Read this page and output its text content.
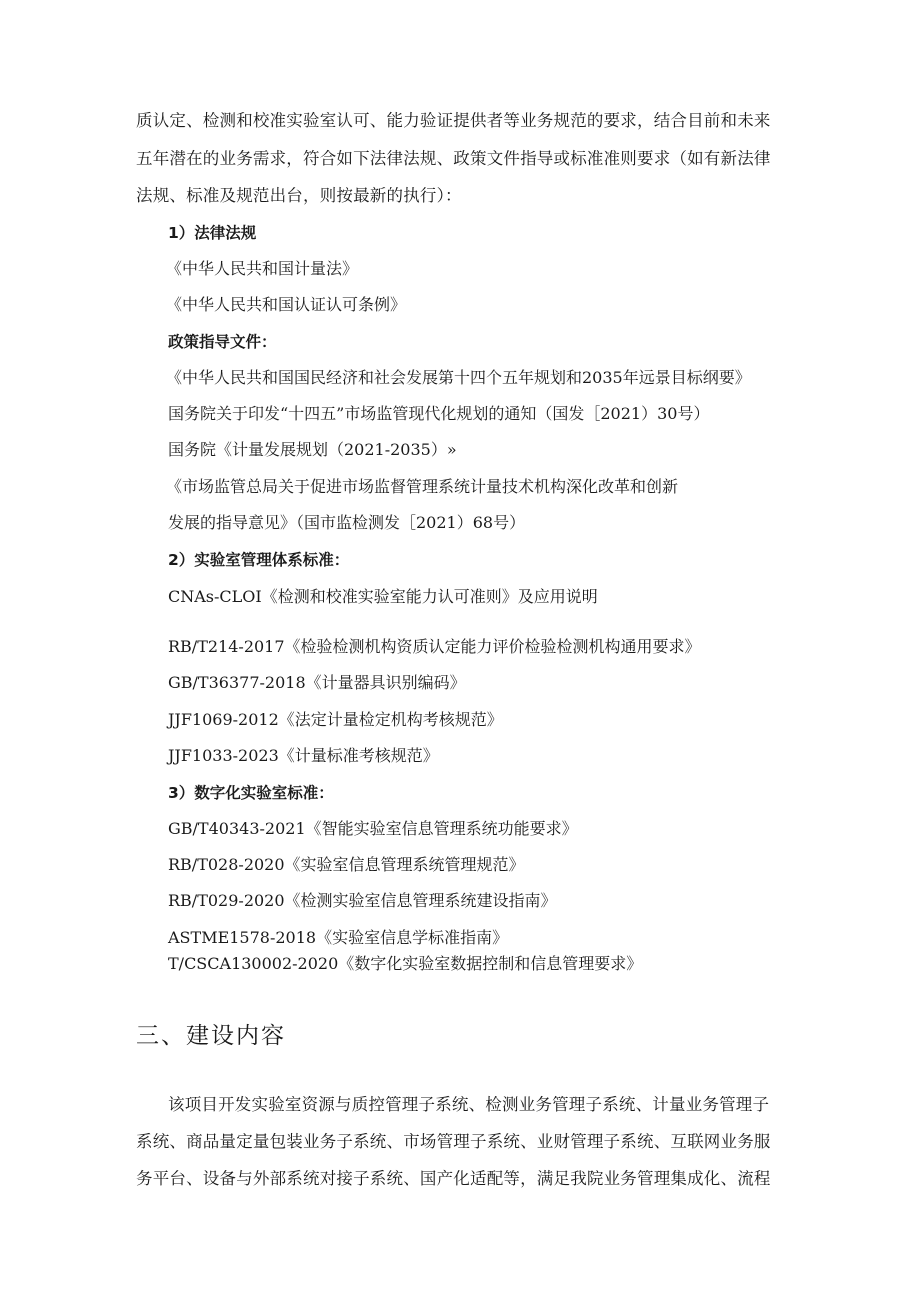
质认定、检测和校准实验室认可、能力验证提供者等业务规范的要求，结合目前和未来
五年潜在的业务需求，符合如下法律法规、政策文件指导或标准准则要求（如有新法律
法规、标准及规范出台，则按最新的执行）：
1）法律法规
《中华人民共和国计量法》
《中华人民共和国认证认可条例》
政策指导文件：
《中华人民共和国国民经济和社会发展第十四个五年规划和2035年远景目标纲要》
国务院关于印发“十四五”市场监管现代化规划的通知（国发［2021）30号）
国务院《计量发展规划（2021-2035）»
《市场监管总局关于促进市场监督管理系统计量技术机构深化改革和创新
发展的指导意见》（国市监检测发［2021）68号）
2）实验室管理体系标准：
CNAs-CLOI《检测和校准实验室能力认可准则》及应用说明
RB/T214-2017《检验检测机构资质认定能力评价检验检测机构通用要求》
GB/T36377-2018《计量器具识别编码》
JJF1069-2012《法定计量检定机构考核规范》
JJF1033-2023《计量标准考核规范》
3）数字化实验室标准：
GB/T40343-2021《智能实验室信息管理系统功能要求》
RB/T028-2020《实验室信息管理系统管理规范》
RB/T029-2020《检测实验室信息管理系统建设指南》
ASTME1578-2018《实验室信息学标准指南》
T/CSCA130002-2020《数字化实验室数据控制和信息管理要求》
三、建设内容
该项目开发实验室资源与质控管理子系统、检测业务管理子系统、计量业务管理子
系统、商品量定量包装业务子系统、市场管理子系统、业财管理子系统、互联网业务服
务平台、设备与外部系统对接子系统、国产化适配等，满足我院业务管理集成化、流程
